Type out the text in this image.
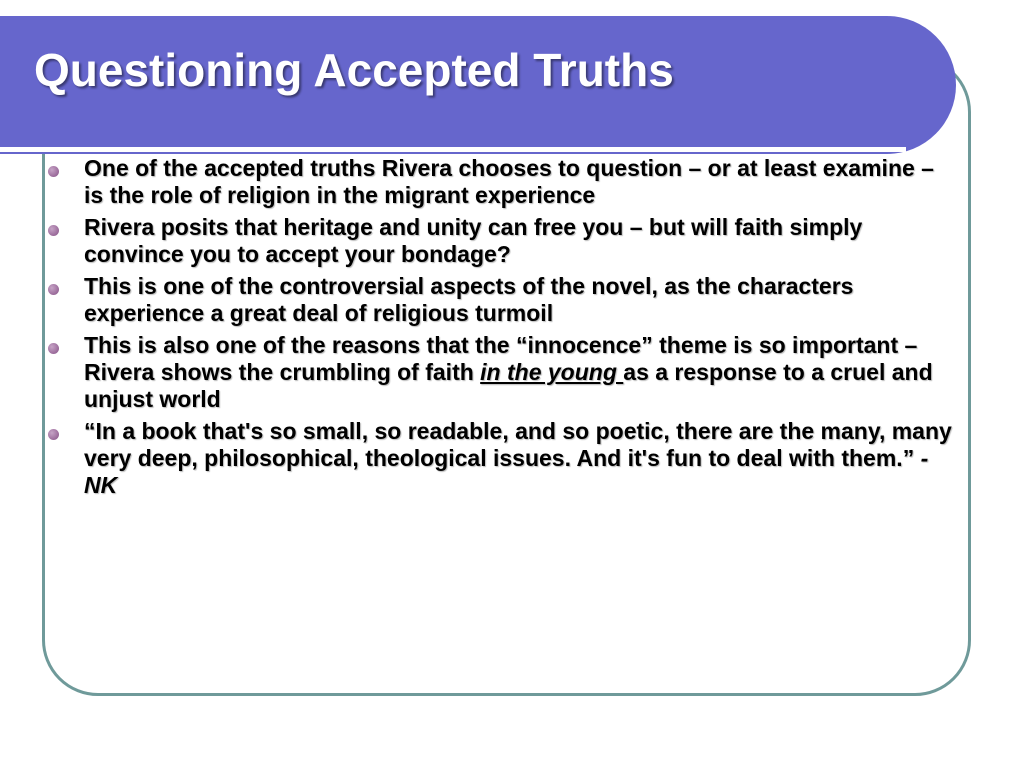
Questioning Accepted Truths
One of the accepted truths Rivera chooses to question – or at least examine – is the role of religion in the migrant experience
Rivera posits that heritage and unity can free you – but will faith simply convince you to accept your bondage?
This is one of the controversial aspects of the novel, as the characters experience a great deal of religious turmoil
This is also one of the reasons that the “innocence” theme is so important – Rivera shows the crumbling of faith in the young as a response to a cruel and unjust world
“In a book that's so small, so readable, and so poetic, there are the many, many very deep, philosophical, theological issues. And it's fun to deal with them.” - NK
